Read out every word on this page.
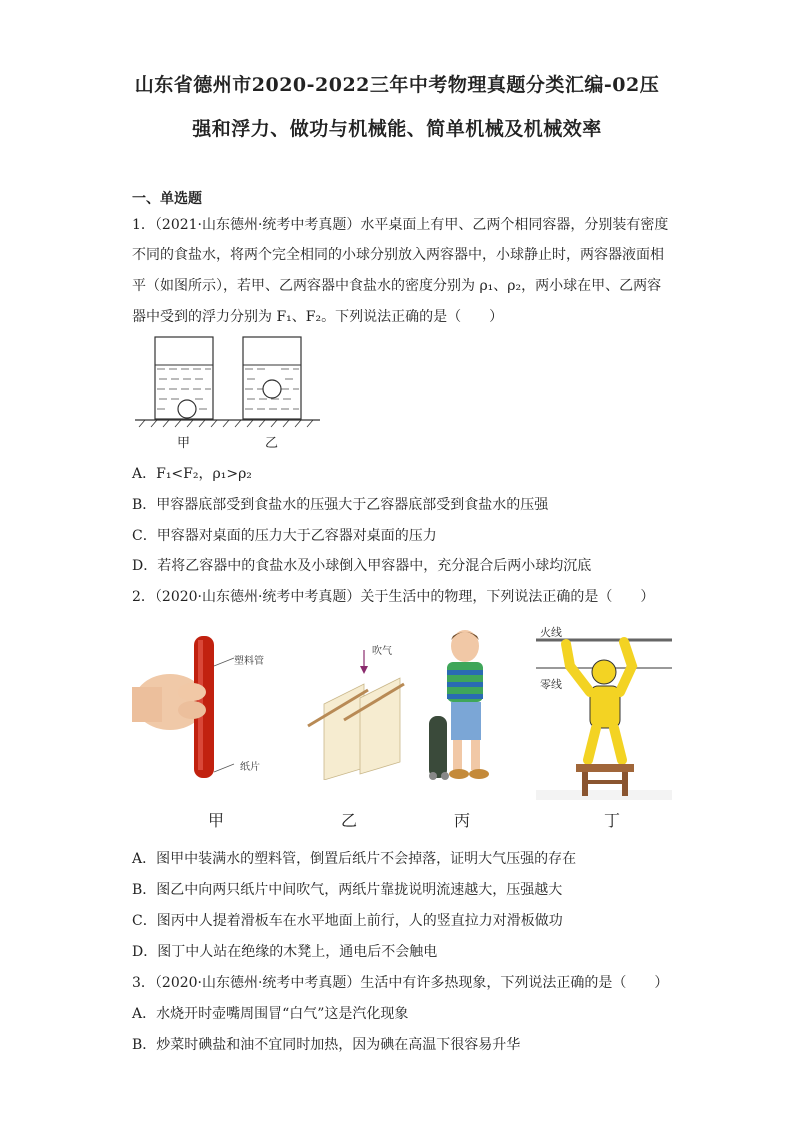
山东省德州市2020-2022三年中考物理真题分类汇编-02压
强和浮力、做功与机械能、简单机械及机械效率
一、单选题
1．（2021·山东德州·统考中考真题）水平桌面上有甲、乙两个相同容器，分别装有密度
不同的食盐水，将两个完全相同的小球分别放入两容器中，小球静止时，两容器液面相
平（如图所示），若甲、乙两容器中食盐水的密度分别为 ρ₁、ρ₂，两小球在甲、乙两容
器中受到的浮力分别为 F₁、F₂。下列说法正确的是（　　）
甲	乙
A．F₁<F₂，ρ₁>ρ₂
B．甲容器底部受到食盐水的压强大于乙容器底部受到食盐水的压强
C．甲容器对桌面的压力大于乙容器对桌面的压力
D．若将乙容器中的食盐水及小球倒入甲容器中，充分混合后两小球均沉底
2．（2020·山东德州·统考中考真题）关于生活中的物理，下列说法正确的是（　　）
塑料管
纸片
吹气
火线
零线
甲	乙	丙	丁
A．图甲中装满水的塑料管，倒置后纸片不会掉落，证明大气压强的存在
B．图乙中向两只纸片中间吹气，两纸片靠拢说明流速越大，压强越大
C．图丙中人提着滑板车在水平地面上前行，人的竖直拉力对滑板做功
D．图丁中人站在绝缘的木凳上，通电后不会触电
3．（2020·山东德州·统考中考真题）生活中有许多热现象，下列说法正确的是（　　）
A．水烧开时壶嘴周围冒“白气”这是汽化现象
B．炒菜时碘盐和油不宜同时加热，因为碘在高温下很容易升华
